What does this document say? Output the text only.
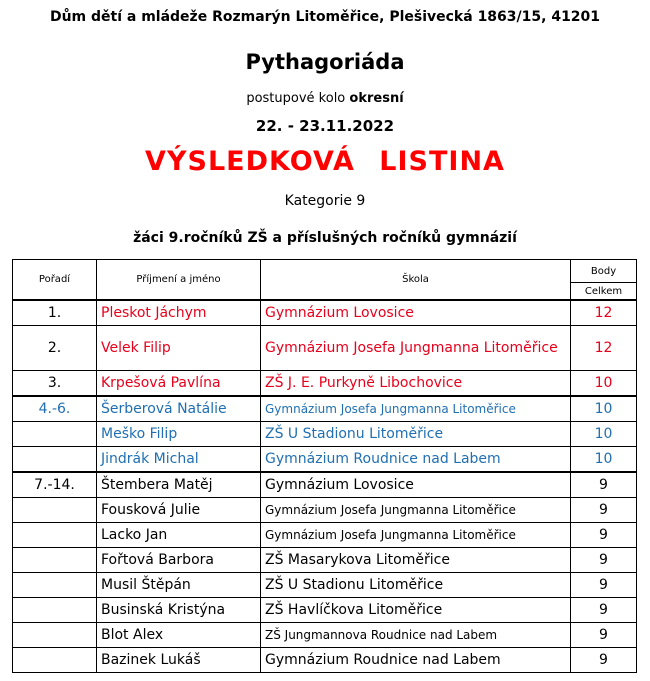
Dům dětí a mládeže Rozmarýn Litoměřice, Plešivecká 1863/15, 41201
Pythagoriáda
postupové kolo okresní
22. - 23.11.2022
VÝSLEDKOVÁ LISTINA
Kategorie 9
žáci 9.ročníků ZŠ a příslušných ročníků gymnázií
Pořadí	Příjmení a jméno	Škola	Body
			Celkem
1.	Pleskot Jáchym	Gymnázium Lovosice	12
2.	Velek Filip	Gymnázium Josefa Jungmanna Litoměřice	12
3.	Krpešová Pavlína	ZŠ J. E. Purkyně Libochovice	10
4.-6.	Šerberová Natálie	Gymnázium Josefa Jungmanna Litoměřice	10
	Meško Filip	ZŠ U Stadionu Litoměřice	10
	Jindrák Michal	Gymnázium Roudnice nad Labem	10
7.-14.	Štembera Matěj	Gymnázium Lovosice	9
	Fousková Julie	Gymnázium Josefa Jungmanna Litoměřice	9
	Lacko Jan	Gymnázium Josefa Jungmanna Litoměřice	9
	Fořtová Barbora	ZŠ Masarykova Litoměřice	9
	Musil Štěpán	ZŠ U Stadionu Litoměřice	9
	Businská Kristýna	ZŠ Havlíčkova Litoměřice	9
	Blot Alex	ZŠ Jungmannova Roudnice nad Labem	9
	Bazinek Lukáš	Gymnázium Roudnice nad Labem	9
